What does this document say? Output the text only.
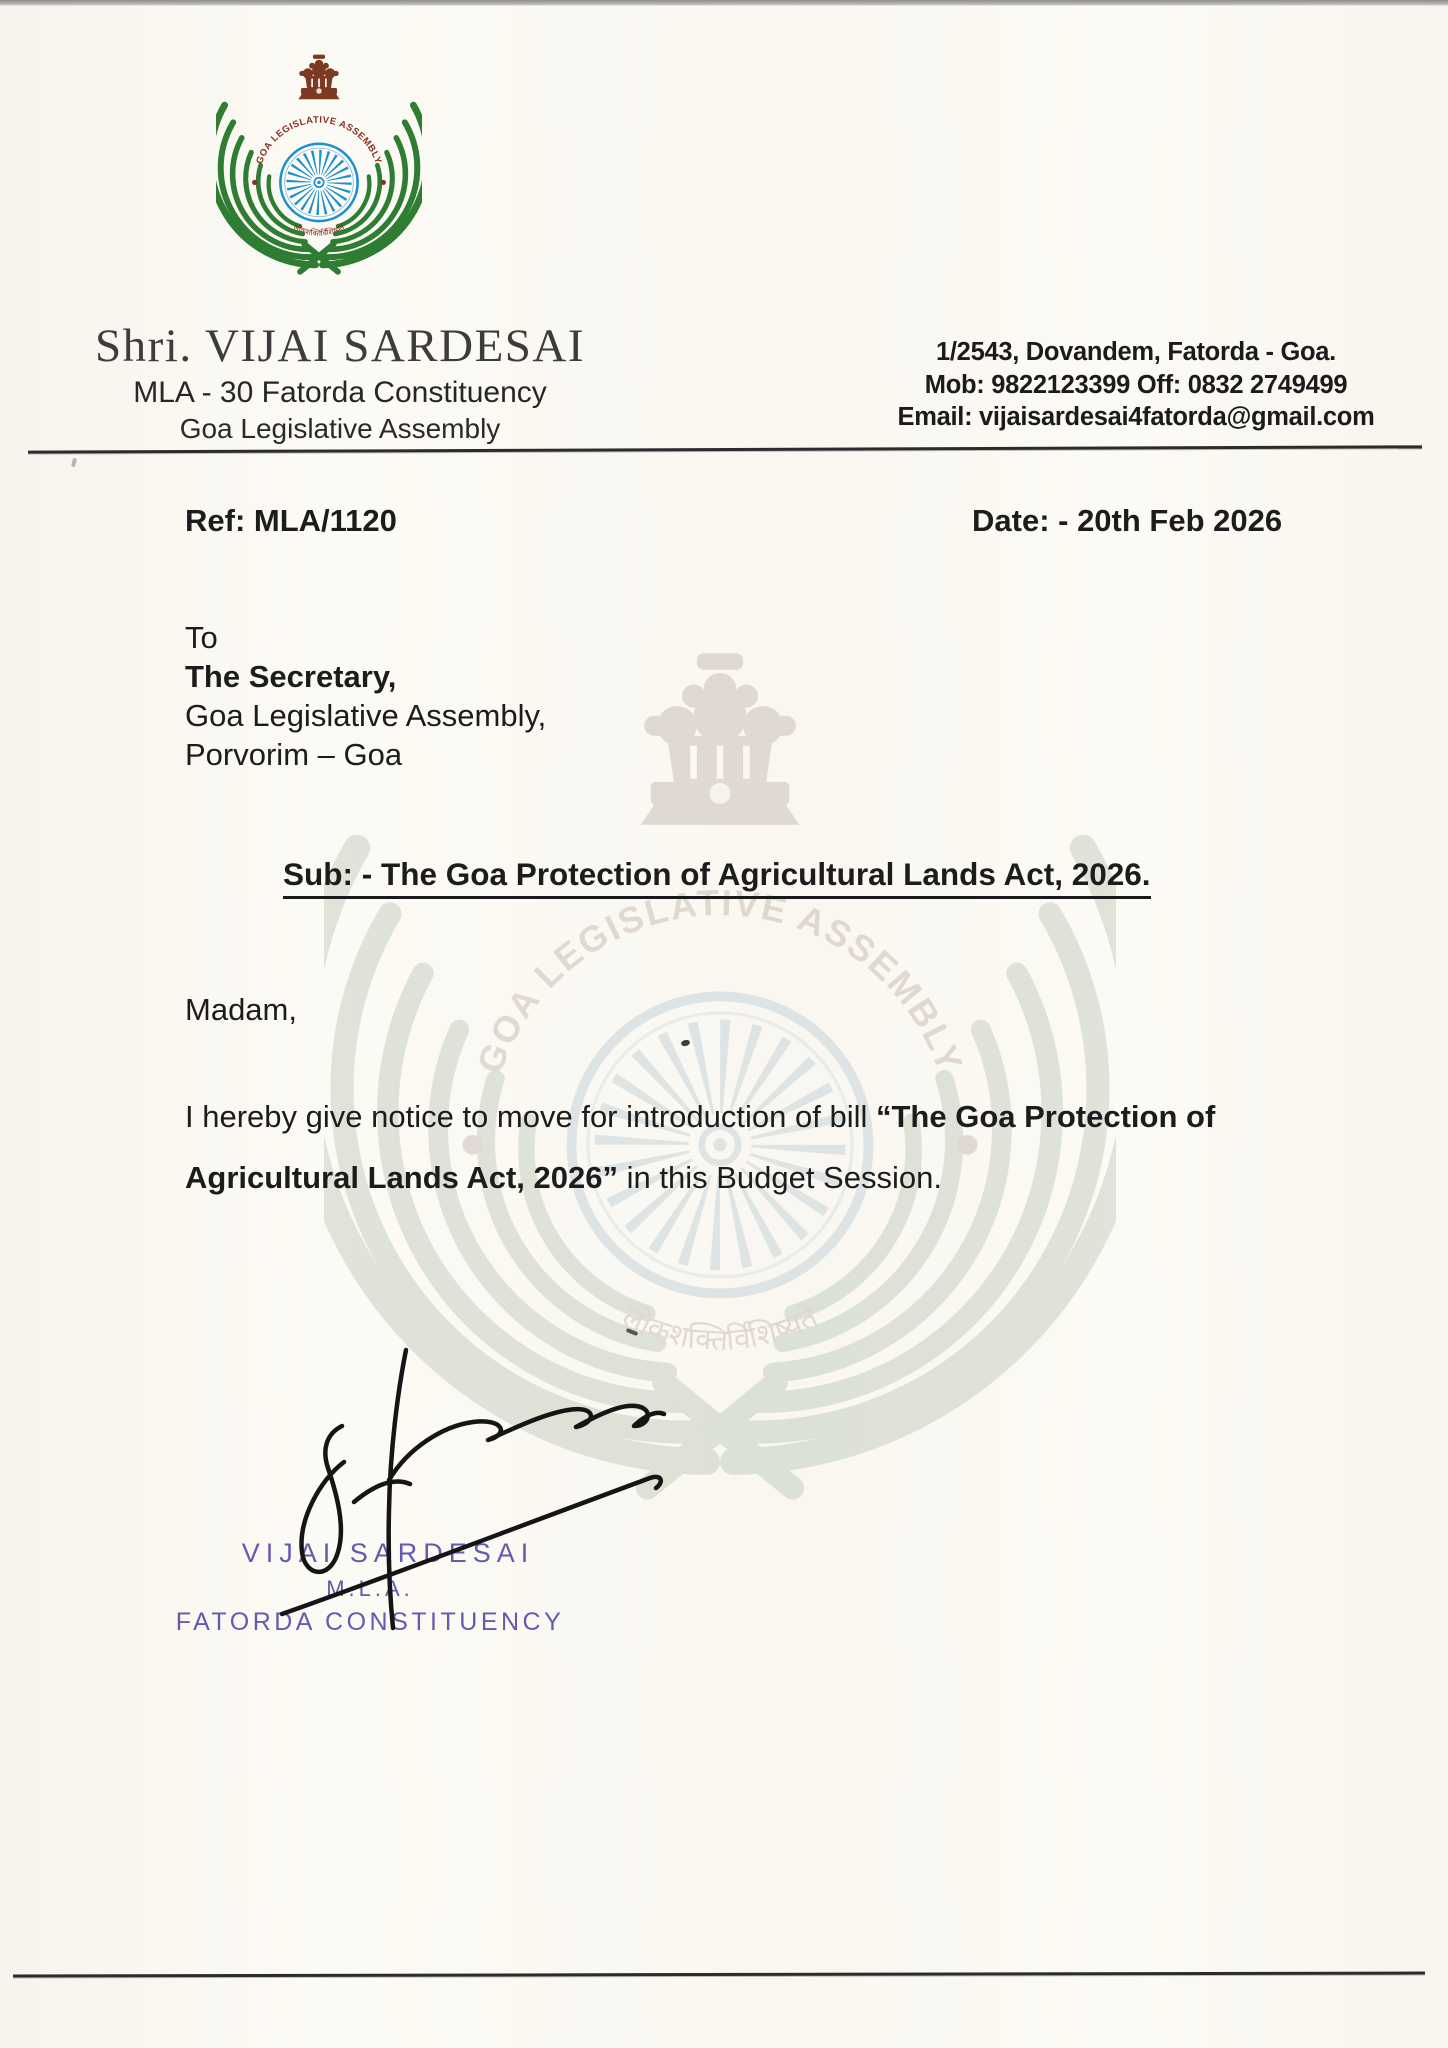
Shri. VIJAI SARDESAI
MLA - 30 Fatorda Constituency
Goa Legislative Assembly
1/2543, Dovandem, Fatorda - Goa.
Mob: 9822123399 Off: 0832 2749499
Email: vijaisardesai4fatorda@gmail.com
Ref: MLA/1120	Date: - 20th Feb 2026
To
The Secretary,
Goa Legislative Assembly,
Porvorim – Goa
Sub: - The Goa Protection of Agricultural Lands Act, 2026.
Madam,
I hereby give notice to move for introduction of bill “The Goa Protection of Agricultural Lands Act, 2026” in this Budget Session.
VIJAI SARDESAI
M.L.A.
FATORDA CONSTITUENCY
